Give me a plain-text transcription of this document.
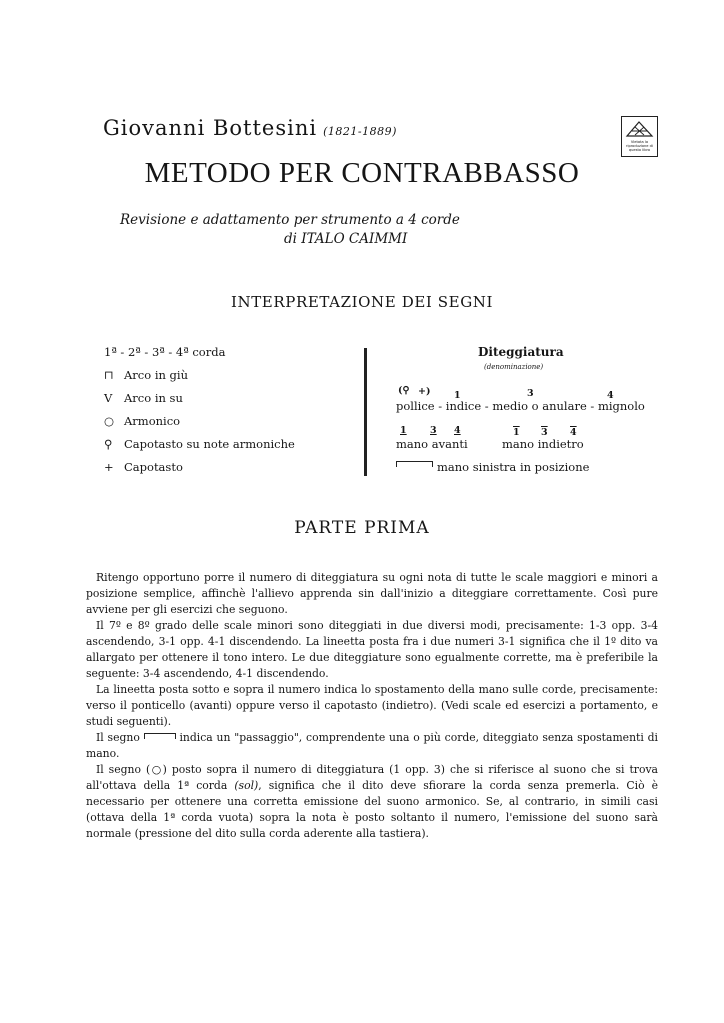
Giovanni Bottesini (1821-1889)
Vietata la riproduzione di questo libro
METODO PER CONTRABBASSO
Revisione e adattamento per strumento a 4 corde
di ITALO CAIMMI
INTERPRETAZIONE DEI SEGNI
1ª - 2ª - 3ª - 4ª corda
⊓ Arco in giù
V Arco in su
○ Armonico
⚲ Capotasto su note armoniche
+ Capotasto
Diteggiatura
(denominazione)
(⚲ +) 1	3	4
pollice - indice - medio o anulare - mignolo
1 3 4	1 3 4
mano avanti	mano indietro
mano sinistra in posizione
PARTE PRIMA

Ritengo opportuno porre il numero di diteggiatura su ogni nota di tutte le scale maggiori e minori a posizione semplice, affinchè l'allievo apprenda sin dall'inizio a diteggiare correttamente. Così pure avviene per gli esercizi che seguono.

Il 7º e 8º grado delle scale minori sono diteggiati in due diversi modi, precisamente: 1-3 opp. 3-4 ascendendo, 3-1 opp. 4-1 discendendo. La lineetta posta fra i due numeri 3-1 significa che il 1º dito va allargato per ottenere il tono intero. Le due diteggiature sono egualmente corrette, ma è preferibile la seguente: 3-4 ascendendo, 4-1 discendendo.

La lineetta posta sotto e sopra il numero indica lo spostamento della mano sulle corde, precisamente: verso il ponticello (avanti) oppure verso il capotasto (indietro). (Vedi scale ed esercizi a portamento, e studi seguenti).

Il segno	indica un "passaggio", comprendente una o più corde, diteggiato senza spostamenti di mano.

Il segno (○) posto sopra il numero di diteggiatura (1 opp. 3) che si riferisce al suono che si trova all'ottava della 1ª corda (sol), significa che il dito deve sfiorare la corda senza premerla. Ciò è necessario per ottenere una corretta emissione del suono armonico. Se, al contrario, in simili casi (ottava della 1ª corda vuota) sopra la nota è posto soltanto il numero, l'emissione del suono sarà normale (pressione del dito sulla corda aderente alla tastiera).
